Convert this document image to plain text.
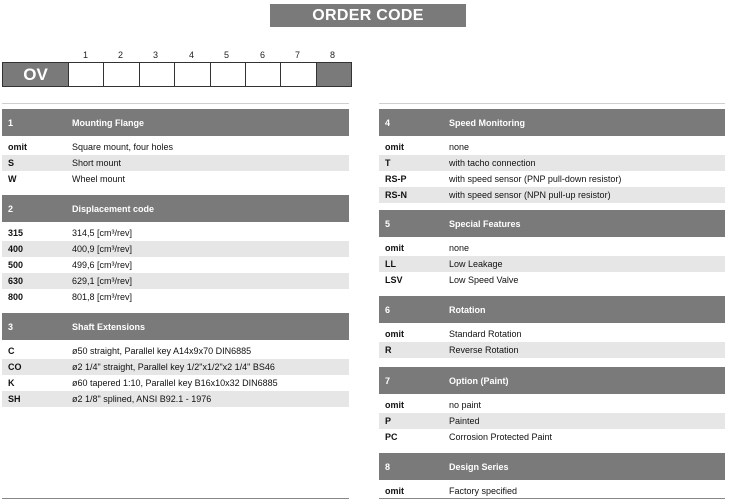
ORDER CODE
1	2	3	4	5	6	7	8
OV
1	Mounting Flange
omit	Square mount, four holes
S	Short mount
W	Wheel mount
2	Displacement code
315	314,5 [cm³/rev]
400	400,9 [cm³/rev]
500	499,6 [cm³/rev]
630	629,1 [cm³/rev]
800	801,8 [cm³/rev]
3	Shaft Extensions
C	ø50 straight, Parallel key A14x9x70 DIN6885
CO	ø2 1/4" straight, Parallel key 1/2"x1/2"x2 1/4" BS46
K	ø60 tapered 1:10, Parallel key B16x10x32 DIN6885
SH	ø2 1/8" splined, ANSI B92.1 - 1976
4	Speed Monitoring
omit	none
T	with tacho connection
RS-P	with speed sensor (PNP pull-down resistor)
RS-N	with speed sensor (NPN pull-up resistor)
5	Special Features
omit	none
LL	Low Leakage
LSV	Low Speed Valve
6	Rotation
omit	Standard Rotation
R	Reverse Rotation
7	Option (Paint)
omit	no paint
P	Painted
PC	Corrosion Protected Paint
8	Design Series
omit	Factory specified
